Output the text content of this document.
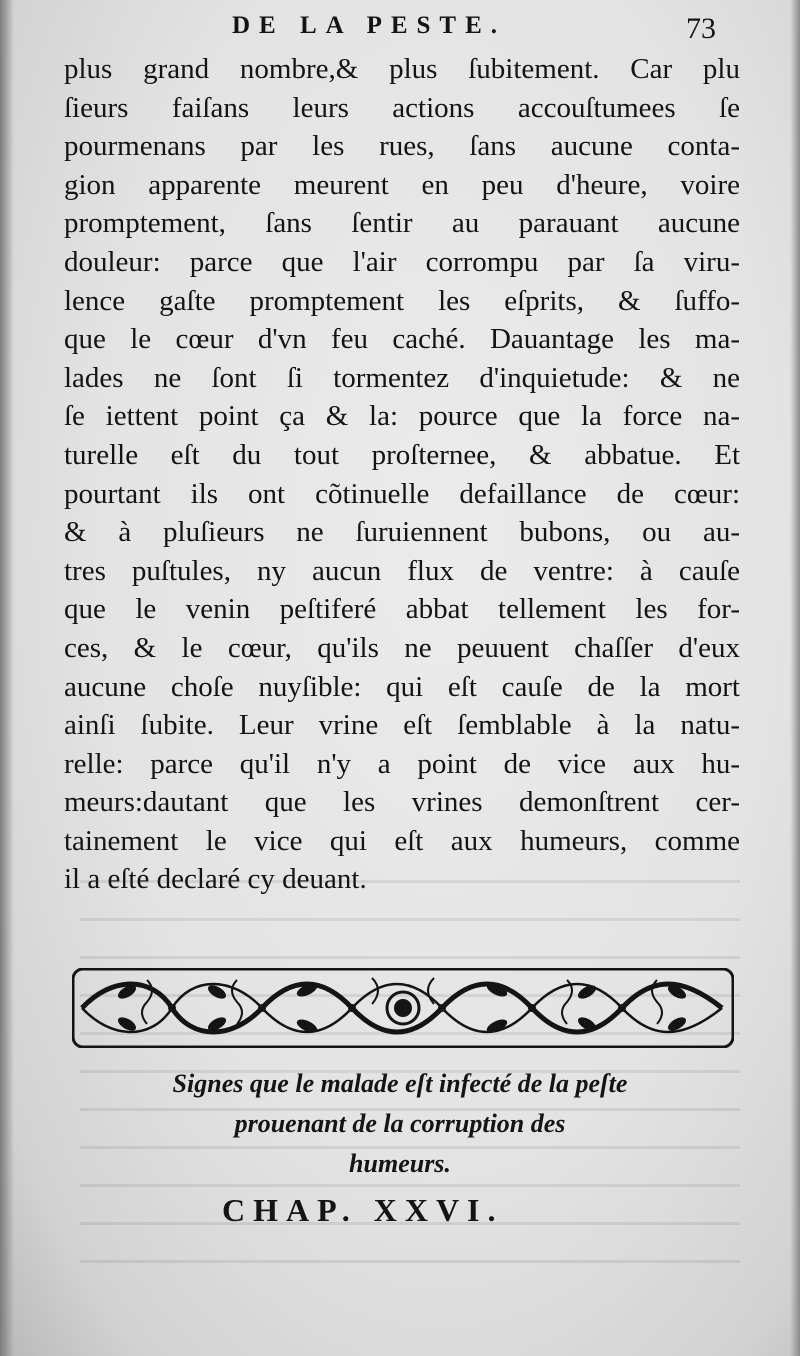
DE LA PESTE.	73
plus grand nombre,& plus ſubitement. Car plu
ſieurs faiſans leurs actions accouſtumees ſe
pourmenans par les rues, ſans aucune conta-
gion apparente meurent en peu d'heure, voire
promptement, ſans ſentir au parauant aucune
douleur: parce que l'air corrompu par ſa viru-
lence gaſte promptement les eſprits, & ſuffo-
que le cœur d'vn feu caché. Dauantage les ma-
lades ne ſont ſi tormentez d'inquietude: & ne
ſe iettent point ça & la: pource que la force na-
turelle eſt du tout proſternee, & abbatue. Et
pourtant ils ont cõtinuelle defaillance de cœur:
& à pluſieurs ne ſuruiennent bubons, ou au-
tres puſtules, ny aucun flux de ventre: à cauſe
que le venin peſtiferé abbat tellement les for-
ces, & le cœur, qu'ils ne peuuent chaſſer d'eux
aucune choſe nuyſible: qui eſt cauſe de la mort
ainſi ſubite. Leur vrine eſt ſemblable à la natu-
relle: parce qu'il n'y a point de vice aux hu-
meurs:dautant que les vrines demonſtrent cer-
tainement le vice qui eſt aux humeurs, comme
il a eſté declaré cy deuant.
Signes que le malade eſt infecté de la peſte
prouenant de la corruption des
humeurs.
CHAP. XXVI.
